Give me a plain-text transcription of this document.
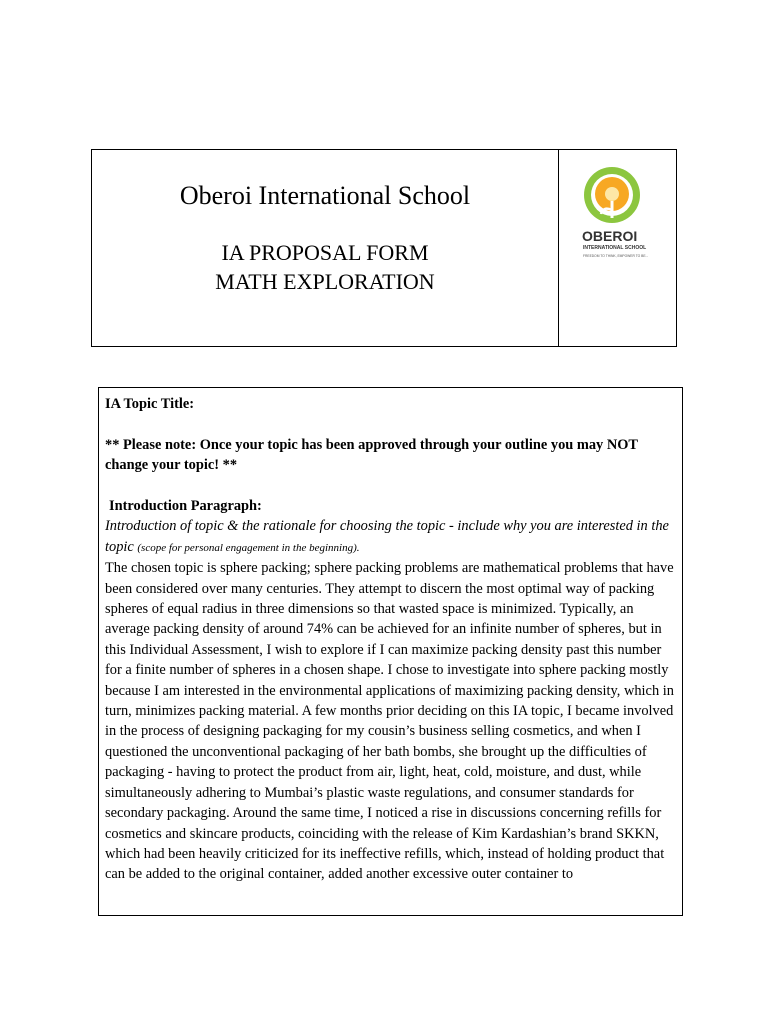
Oberoi International School
IA PROPOSAL FORM
MATH EXPLORATION
OBEROI
INTERNATIONAL SCHOOL
FREEDOM TO THINK, EMPOWER TO BE...
IA Topic Title:
** Please note: Once your topic has been approved through your outline you may NOT change your topic! **
Introduction Paragraph:
Introduction of topic & the rationale for choosing the topic - include why you are interested in the topic (scope for personal engagement in the beginning).

The chosen topic is sphere packing; sphere packing problems are mathematical problems that have been considered over many centuries. They attempt to discern the most optimal way of packing spheres of equal radius in three dimensions so that wasted space is minimized. Typically, an average packing density of around 74% can be achieved for an infinite number of spheres, but in this Individual Assessment, I wish to explore if I can maximize packing density past this number for a finite number of spheres in a chosen shape. I chose to investigate into sphere packing mostly because I am interested in the environmental applications of maximizing packing density, which in turn, minimizes packing material. A few months prior deciding on this IA topic, I became involved in the process of designing packaging for my cousin’s business selling cosmetics, and when I questioned the unconventional packaging of her bath bombs, she brought up the difficulties of packaging - having to protect the product from air, light, heat, cold, moisture, and dust, while simultaneously adhering to Mumbai’s plastic waste regulations, and consumer standards for secondary packaging. Around the same time, I noticed a rise in discussions concerning refills for cosmetics and skincare products, coinciding with the release of Kim Kardashian’s brand SKKN, which had been heavily criticized for its ineffective refills, which, instead of holding product that can be added to the original container, added another excessive outer container to
